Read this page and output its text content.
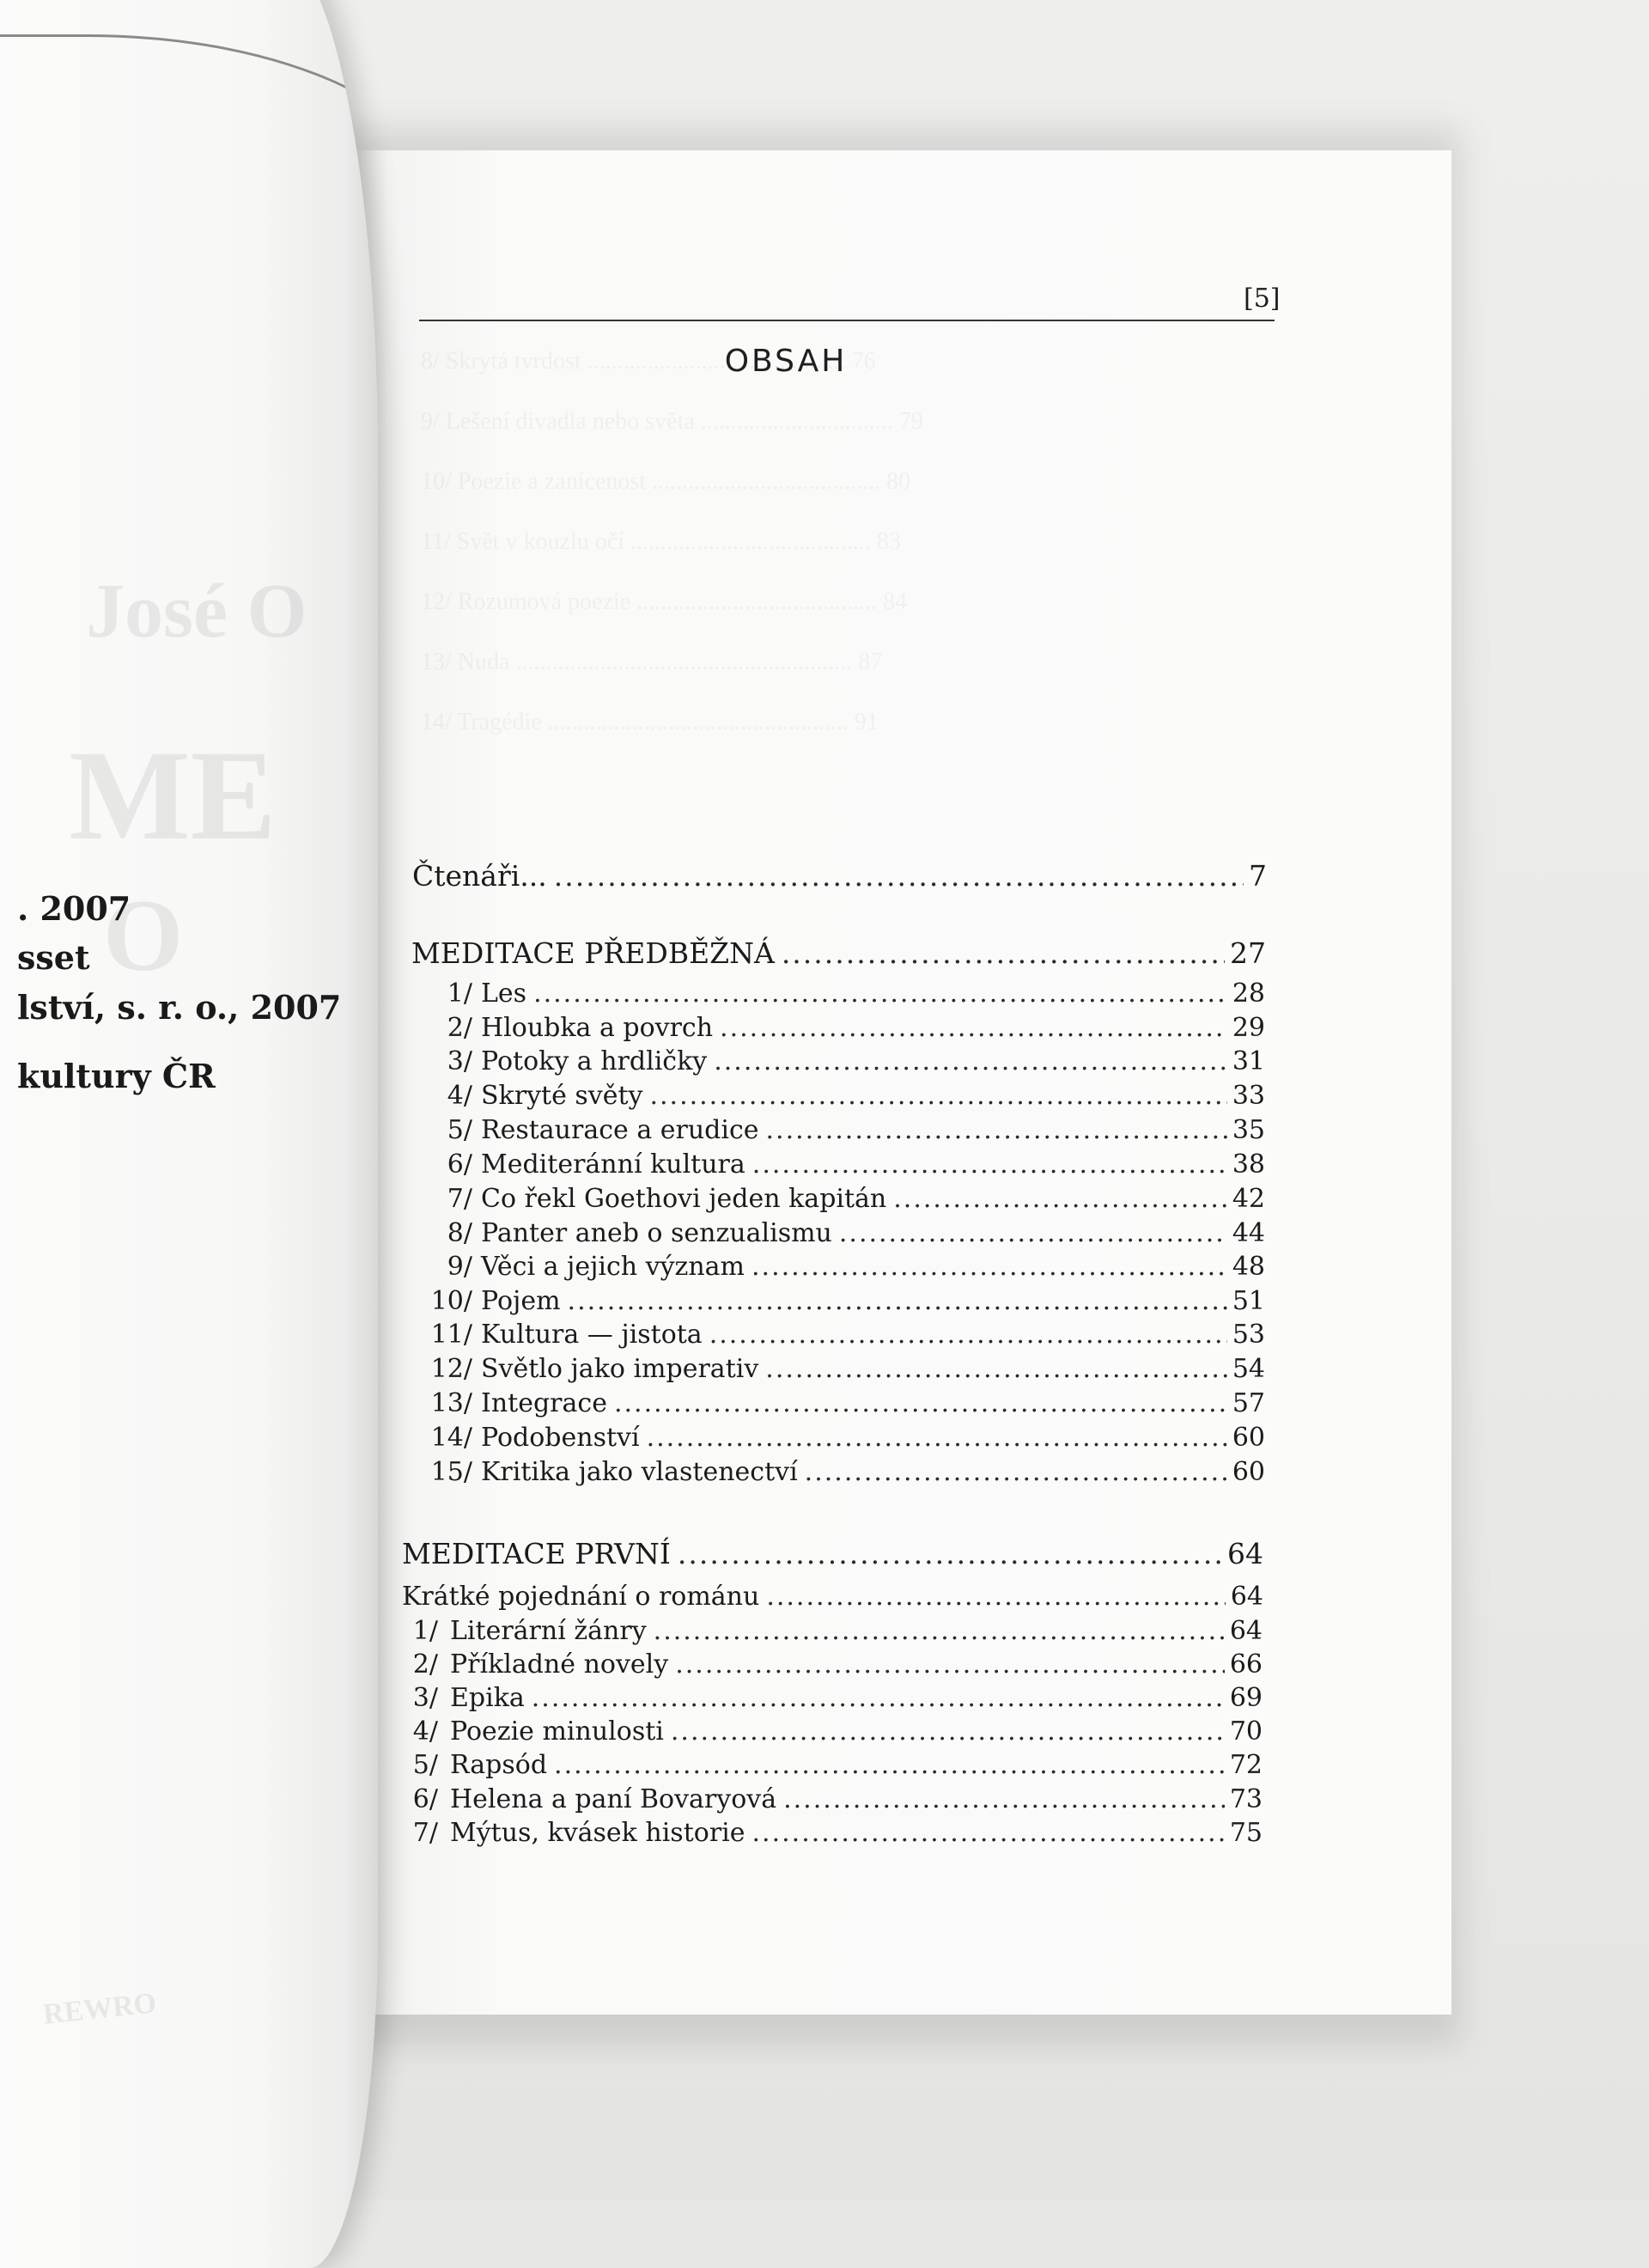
José O
ME
O
REWRO
. 2007
sset
lství, s. r. o., 2007
kultury ČR
[5]
OBSAH
Čtenáři... .....	7
MEDITACE PŘEDBĚŽNÁ .....	27
1/ Les .....	28
2/ Hloubka a povrch .....	29
3/ Potoky a hrdličky .....	31
4/ Skryté světy .....	33
5/ Restaurace a erudice .....	35
6/ Mediteránní kultura .....	38
7/ Co řekl Goethovi jeden kapitán .....	42
8/ Panter aneb o senzualismu .....	44
9/ Věci a jejich význam .....	48
10/ Pojem .....	51
11/ Kultura — jistota .....	53
12/ Světlo jako imperativ .....	54
13/ Integrace .....	57
14/ Podobenství .....	60
15/ Kritika jako vlastenectví .....	60
MEDITACE PRVNÍ .....	64
Krátké pojednání o románu .....	64
1/ Literární žánry .....	64
2/ Příkladné novely .....	66
3/ Epika .....	69
4/ Poezie minulosti .....	70
5/ Rapsód .....	72
6/ Helena a paní Bovaryová .....	73
7/ Mýtus, kvásek historie .....	75
